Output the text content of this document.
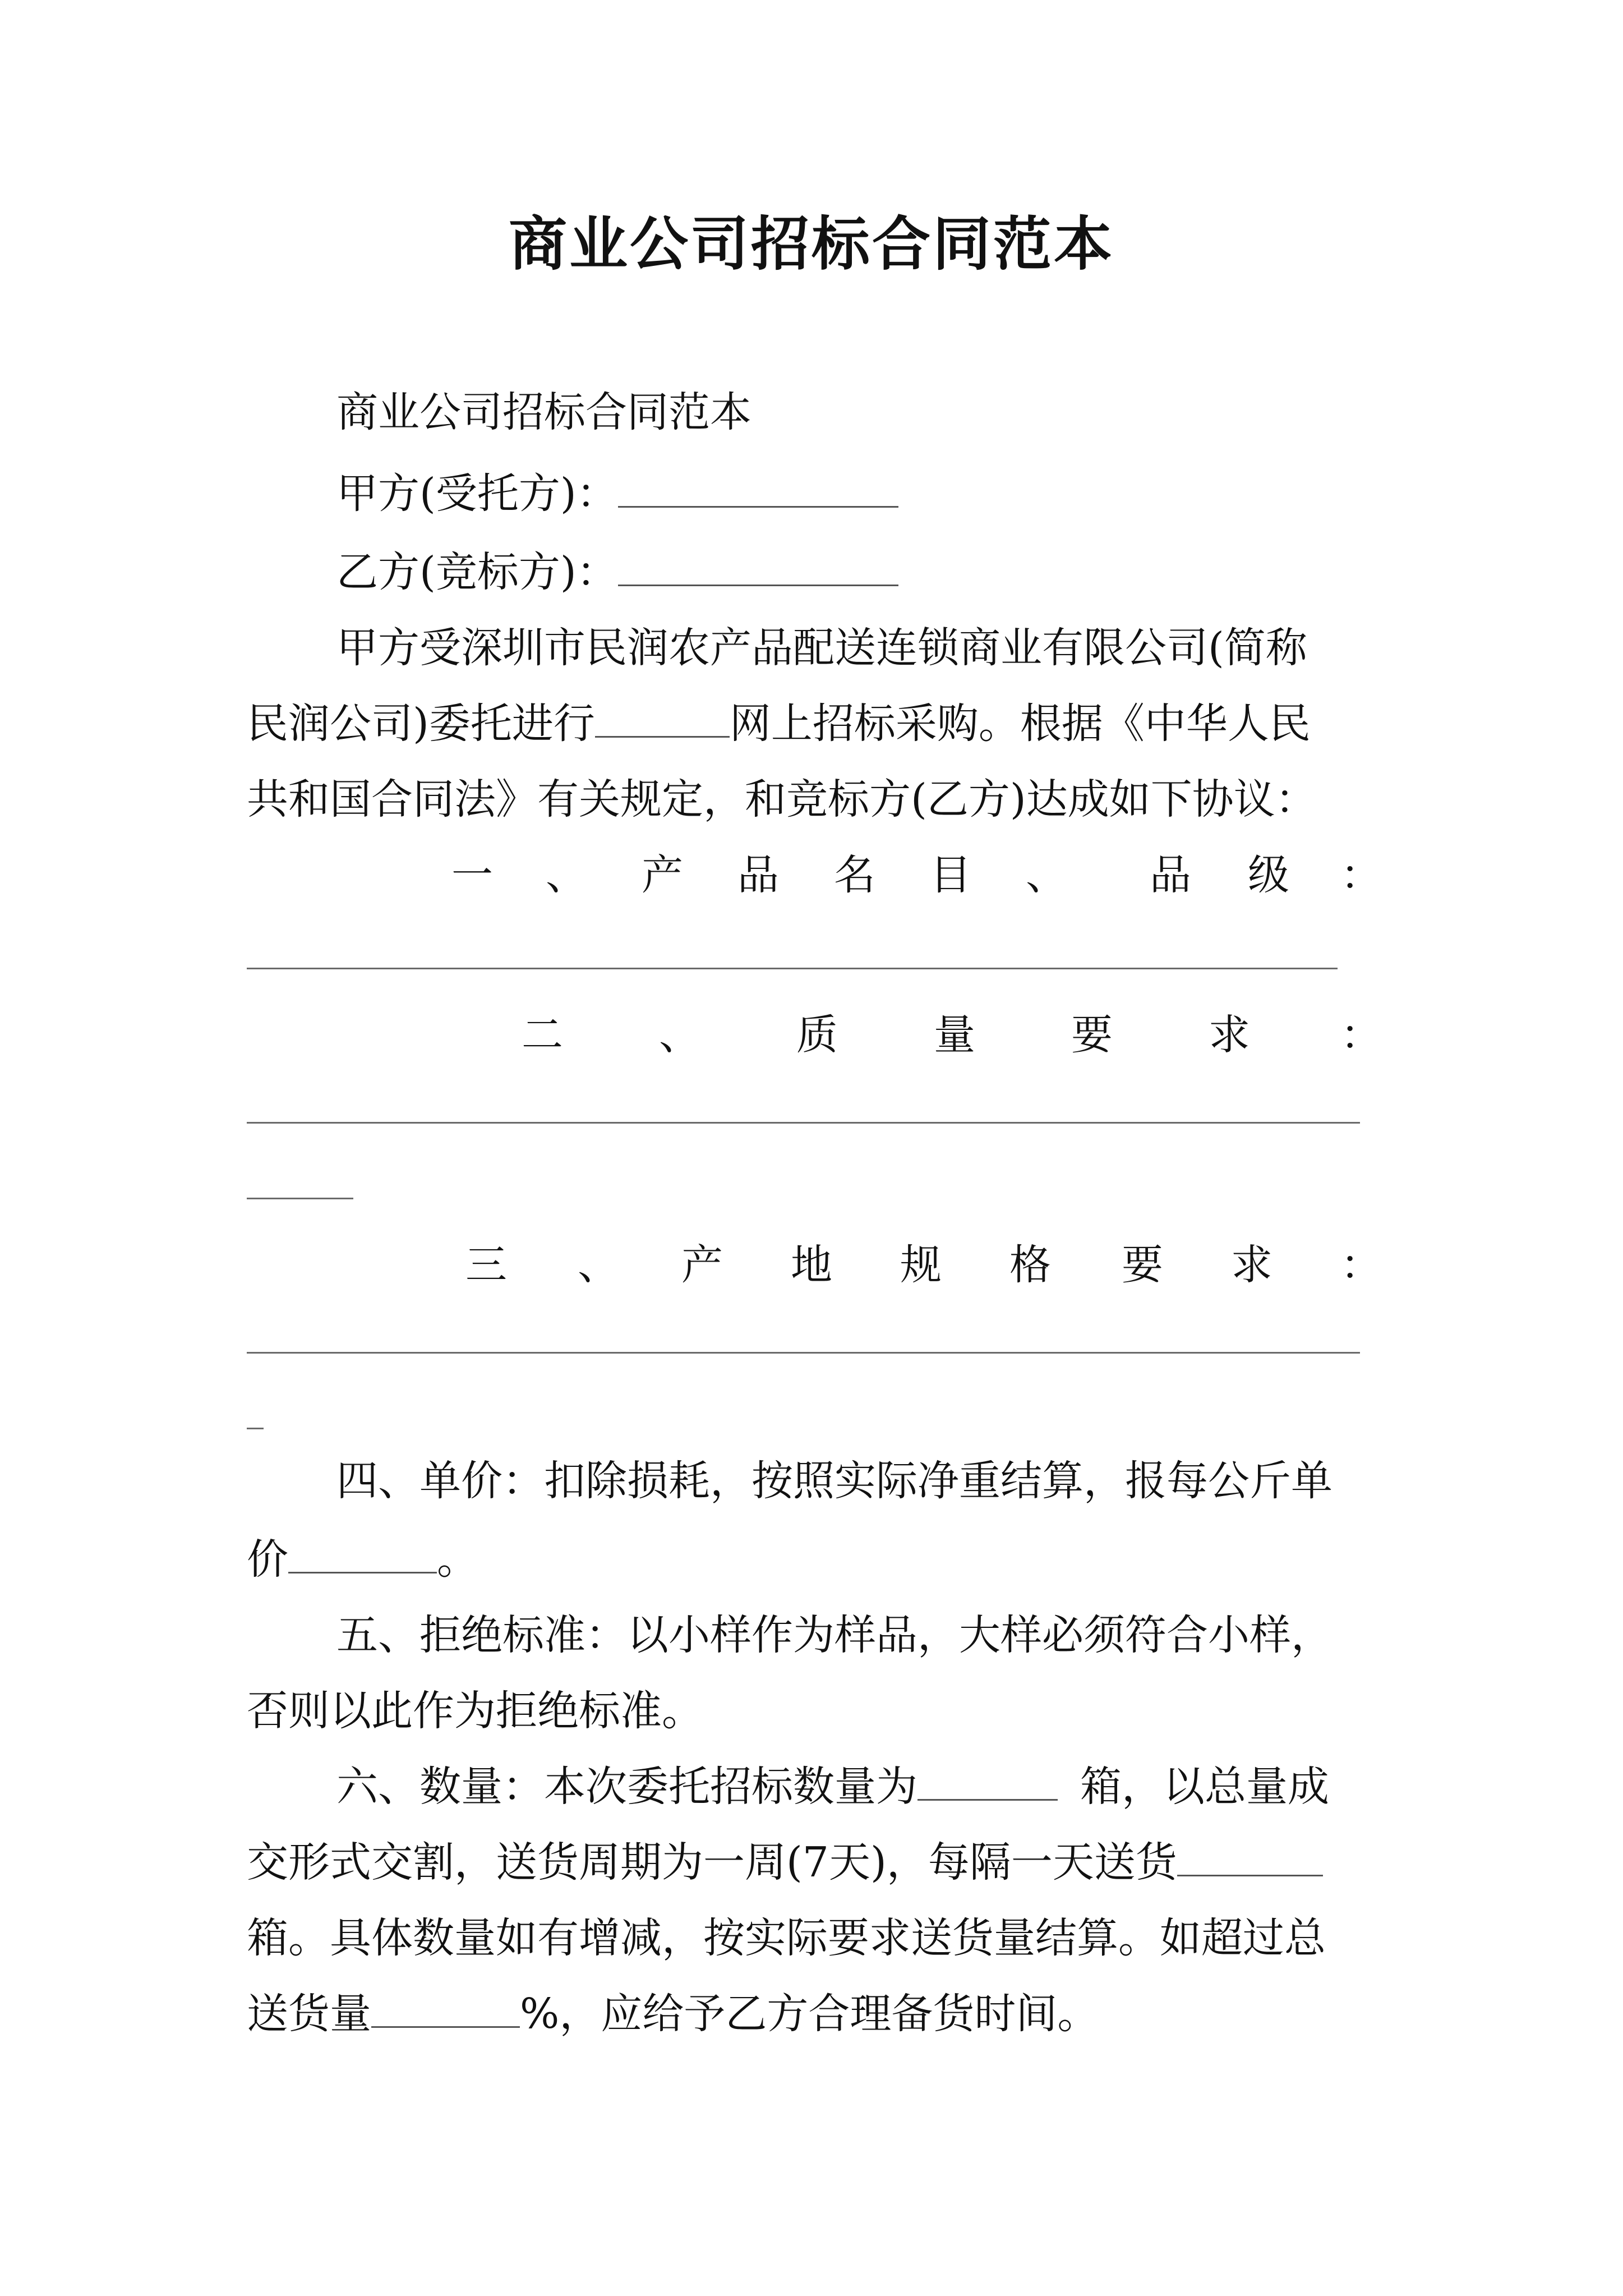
商业公司招标合同范本

商业公司招标合同范本

甲方(受托方)：

乙方(竞标方)：

甲方受深圳市民润农产品配送连锁商业有限公司(简称

民润公司)委托进行	网上招标采购。根据《中华人民

共和国合同法》有关规定，和竞标方(乙方)达成如下协议：

一 、 产 品 名 目 、 品 级 ：
二 、 质 量 要 求 ：
三 、 产 地 规 格 要 求 ：

四、单价：扣除损耗，按照实际净重结算，报每公斤单

价	。

五、拒绝标准：以小样作为样品，大样必须符合小样，

否则以此作为拒绝标准。

六、数量：本次委托招标数量为	箱，以总量成

交形式交割，送货周期为一周(7天)，每隔一天送货

箱。具体数量如有增减，按实际要求送货量结算。如超过总

送货量	%，应给予乙方合理备货时间。
